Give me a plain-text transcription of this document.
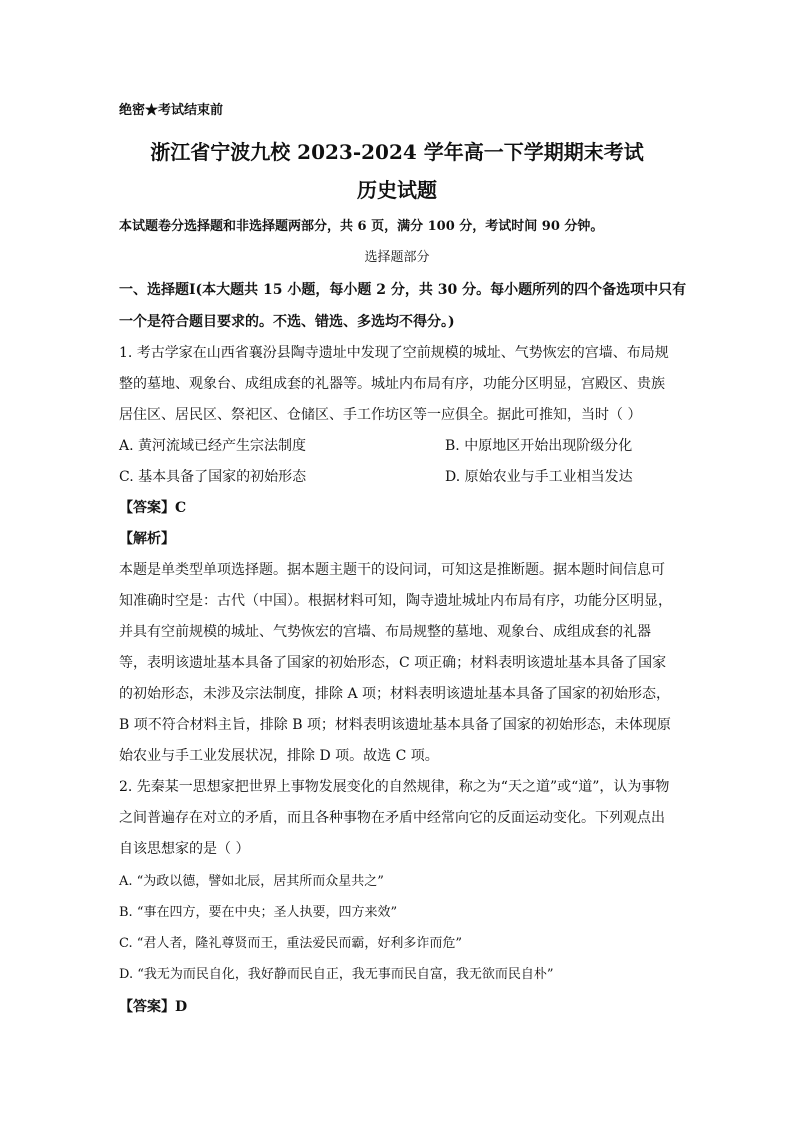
绝密★考试结束前
浙江省宁波九校 2023-2024 学年高一下学期期末考试
历史试题
本试题卷分选择题和非选择题两部分，共 6 页，满分 100 分，考试时间 90 分钟。
选择题部分
一、选择题Ⅰ(本大题共 15 小题，每小题 2 分，共 30 分。每小题所列的四个备选项中只有
一个是符合题目要求的。不选、错选、多选均不得分。)
1. 考古学家在山西省襄汾县陶寺遗址中发现了空前规模的城址、气势恢宏的宫墙、布局规
整的墓地、观象台、成组成套的礼器等。城址内布局有序，功能分区明显，宫殿区、贵族
居住区、居民区、祭祀区、仓储区、手工作坊区等一应俱全。据此可推知，当时（ ）
A. 黄河流域已经产生宗法制度	B. 中原地区开始出现阶级分化
C. 基本具备了国家的初始形态	D. 原始农业与手工业相当发达
【答案】C
【解析】
本题是单类型单项选择题。据本题主题干的设问词，可知这是推断题。据本题时间信息可
知准确时空是：古代（中国）。根据材料可知，陶寺遗址城址内布局有序，功能分区明显，
并具有空前规模的城址、气势恢宏的宫墙、布局规整的墓地、观象台、成组成套的礼器
等，表明该遗址基本具备了国家的初始形态，C 项正确；材料表明该遗址基本具备了国家
的初始形态，未涉及宗法制度，排除 A 项；材料表明该遗址基本具备了国家的初始形态，
B 项不符合材料主旨，排除 B 项；材料表明该遗址基本具备了国家的初始形态，未体现原
始农业与手工业发展状况，排除 D 项。故选 C 项。
2. 先秦某一思想家把世界上事物发展变化的自然规律，称之为“天之道”或“道”，认为事物
之间普遍存在对立的矛盾，而且各种事物在矛盾中经常向它的反面运动变化。下列观点出
自该思想家的是（ ）
A. “为政以德，譬如北辰，居其所而众星共之”
B. “事在四方，要在中央；圣人执要，四方来效”
C. “君人者，隆礼尊贤而王，重法爱民而霸，好利多诈而危”
D. “我无为而民自化，我好静而民自正，我无事而民自富，我无欲而民自朴”
【答案】D
